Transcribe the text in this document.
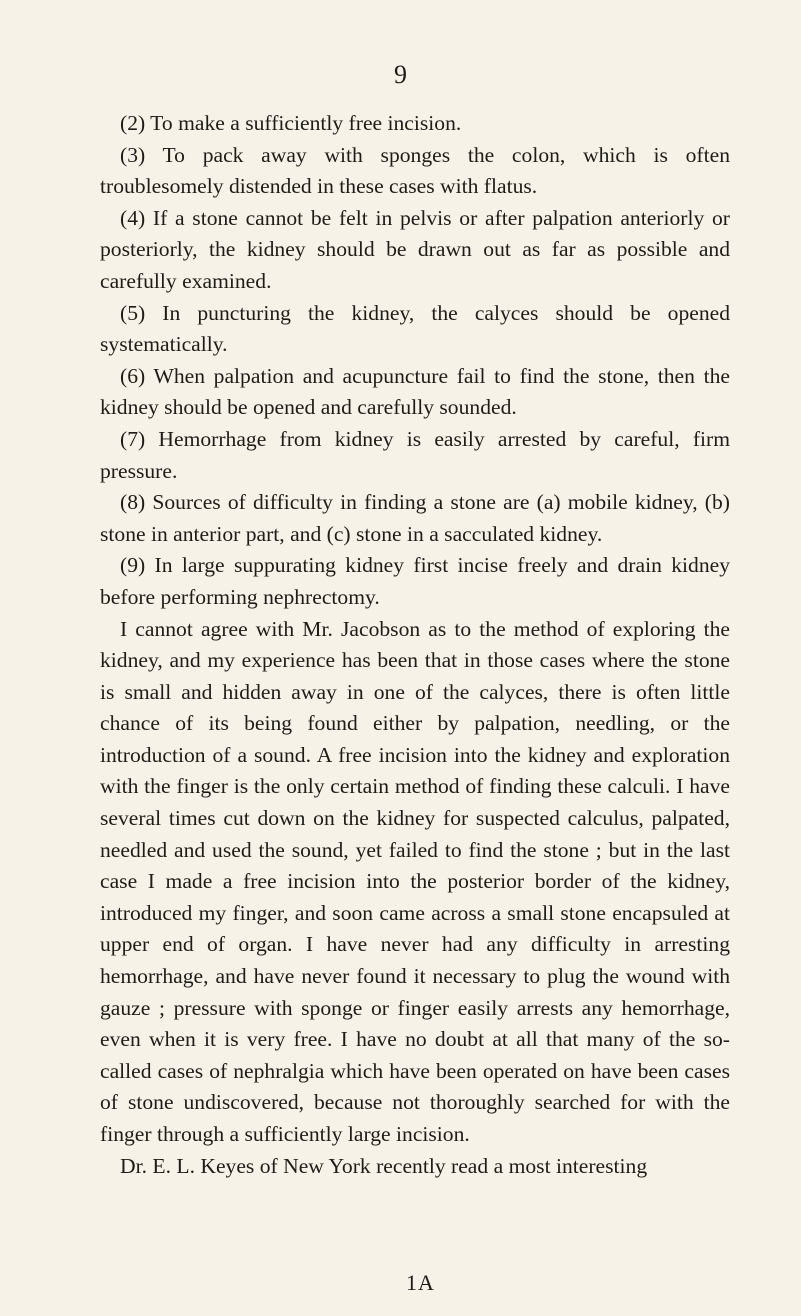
9

(2) To make a sufficiently free incision.

(3) To pack away with sponges the colon, which is often troublesomely distended in these cases with flatus.

(4) If a stone cannot be felt in pelvis or after palpation anteriorly or posteriorly, the kidney should be drawn out as far as possible and carefully examined.

(5) In puncturing the kidney, the calyces should be opened systematically.

(6) When palpation and acupuncture fail to find the stone, then the kidney should be opened and carefully sounded.

(7) Hemorrhage from kidney is easily arrested by careful, firm pressure.

(8) Sources of difficulty in finding a stone are (a) mobile kidney, (b) stone in anterior part, and (c) stone in a sacculated kidney.

(9) In large suppurating kidney first incise freely and drain kidney before performing nephrectomy.

I cannot agree with Mr. Jacobson as to the method of exploring the kidney, and my experience has been that in those cases where the stone is small and hidden away in one of the calyces, there is often little chance of its being found either by palpation, needling, or the introduction of a sound. A free incision into the kidney and exploration with the finger is the only certain method of finding these calculi. I have several times cut down on the kidney for suspected calculus, palpated, needled and used the sound, yet failed to find the stone ; but in the last case I made a free incision into the posterior border of the kidney, introduced my finger, and soon came across a small stone encapsuled at upper end of organ. I have never had any difficulty in arresting hemorrhage, and have never found it necessary to plug the wound with gauze ; pressure with sponge or finger easily arrests any hemorrhage, even when it is very free. I have no doubt at all that many of the so-called cases of nephralgia which have been operated on have been cases of stone undiscovered, because not thoroughly searched for with the finger through a sufficiently large incision.

Dr. E. L. Keyes of New York recently read a most interesting

1A
